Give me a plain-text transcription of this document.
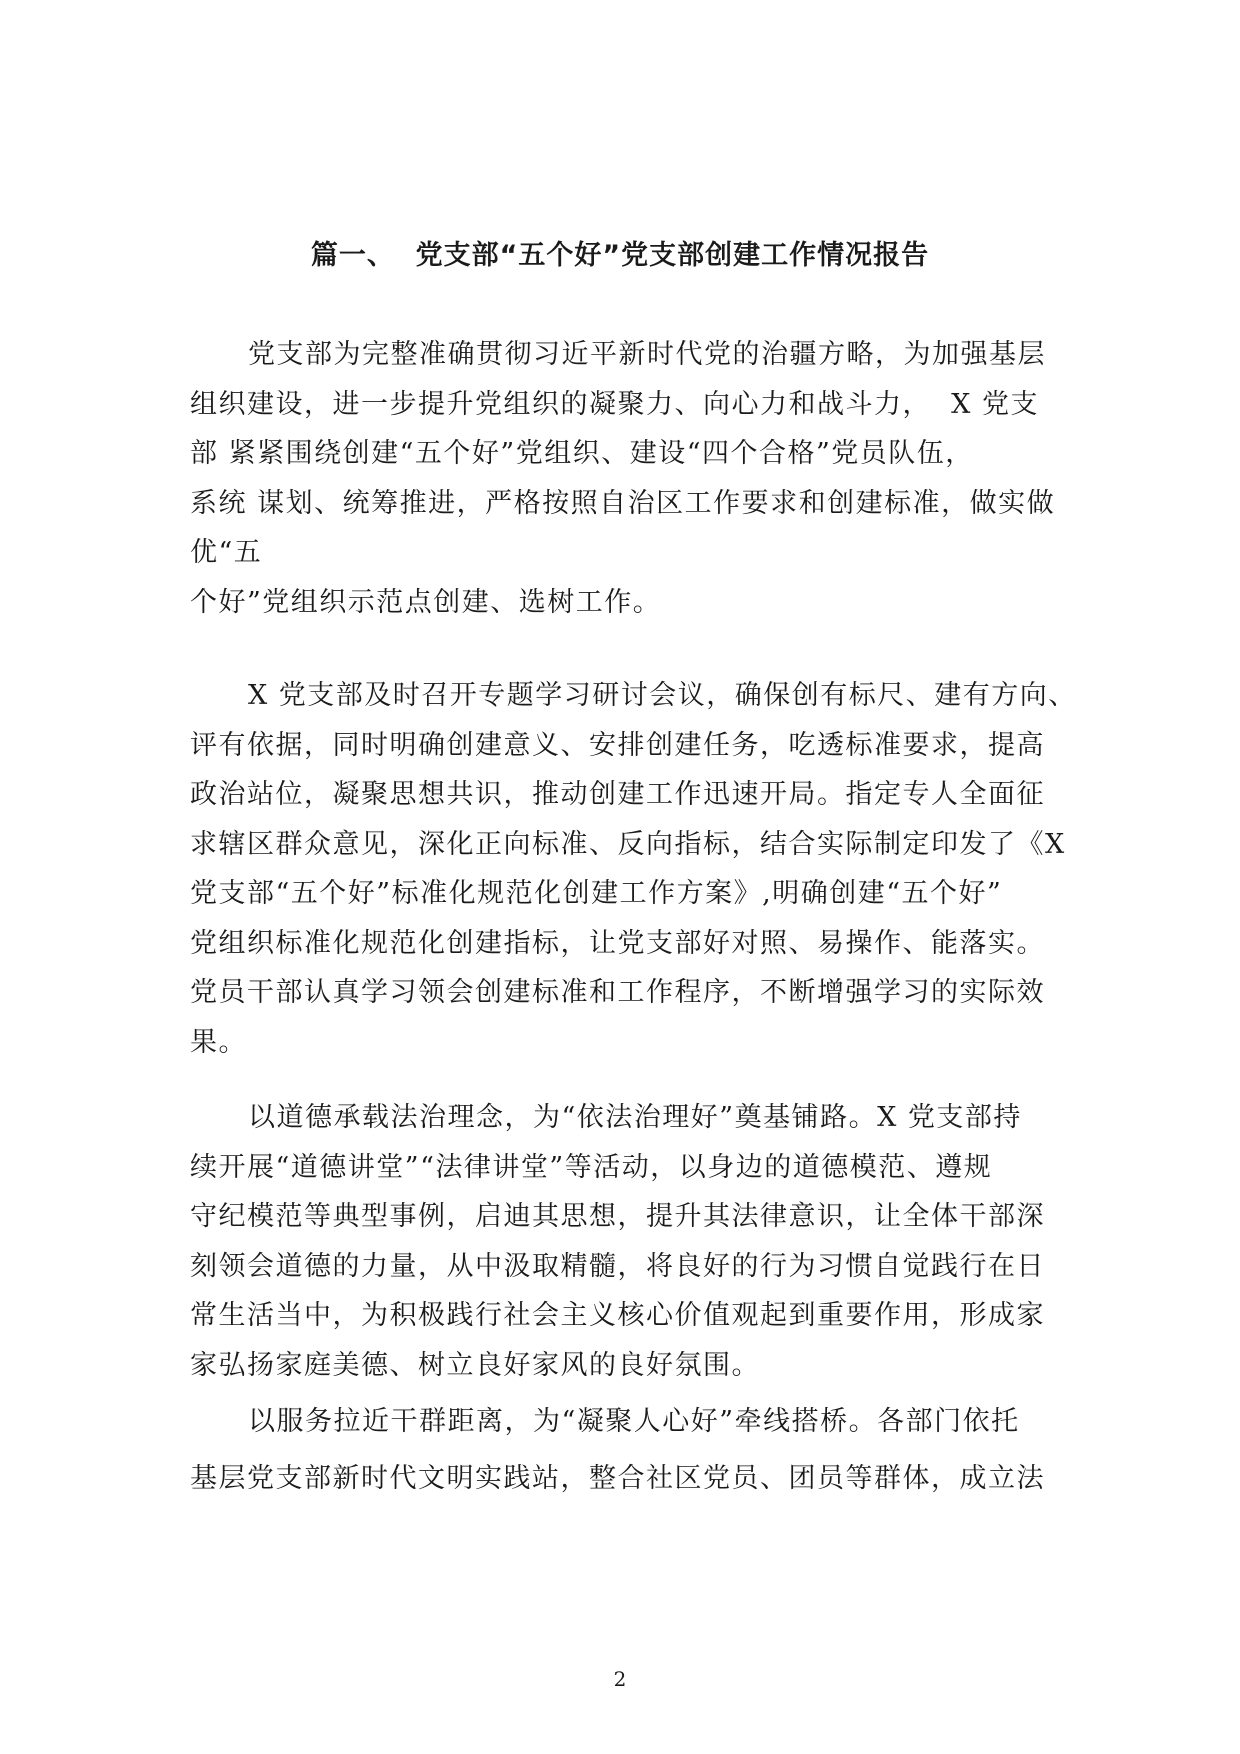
篇一、  党支部“五个好”党支部创建工作情况报告
党支部为完整准确贯彻习近平新时代党的治疆方略，为加强基层
组织建设，进一步提升党组织的凝聚力、向心力和战斗力，  X 党支
部 紧紧围绕创建“五个好”党组织、建设“四个合格”党员队伍，
系统 谋划、统筹推进，严格按照自治区工作要求和创建标准，做实做
优“五
个好”党组织示范点创建、选树工作。
X 党支部及时召开专题学习研讨会议，确保创有标尺、建有方向、
评有依据，同时明确创建意义、安排创建任务，吃透标准要求，提高
政治站位，凝聚思想共识，推动创建工作迅速开局。指定专人全面征
求辖区群众意见，深化正向标准、反向指标，结合实际制定印发了《X
党支部“五个好”标准化规范化创建工作方案》,明确创建“五个好”
党组织标准化规范化创建指标，让党支部好对照、易操作、能落实。
党员干部认真学习领会创建标准和工作程序，不断增强学习的实际效
果。
以道德承载法治理念，为“依法治理好”奠基铺路。X 党支部持
续开展“道德讲堂”“法律讲堂”等活动，以身边的道德模范、遵规
守纪模范等典型事例，启迪其思想，提升其法律意识，让全体干部深
刻领会道德的力量，从中汲取精髓，将良好的行为习惯自觉践行在日
常生活当中，为积极践行社会主义核心价值观起到重要作用，形成家
家弘扬家庭美德、树立良好家风的良好氛围。
以服务拉近干群距离，为“凝聚人心好”牵线搭桥。各部门依托
基层党支部新时代文明实践站，整合社区党员、团员等群体，成立法
2
